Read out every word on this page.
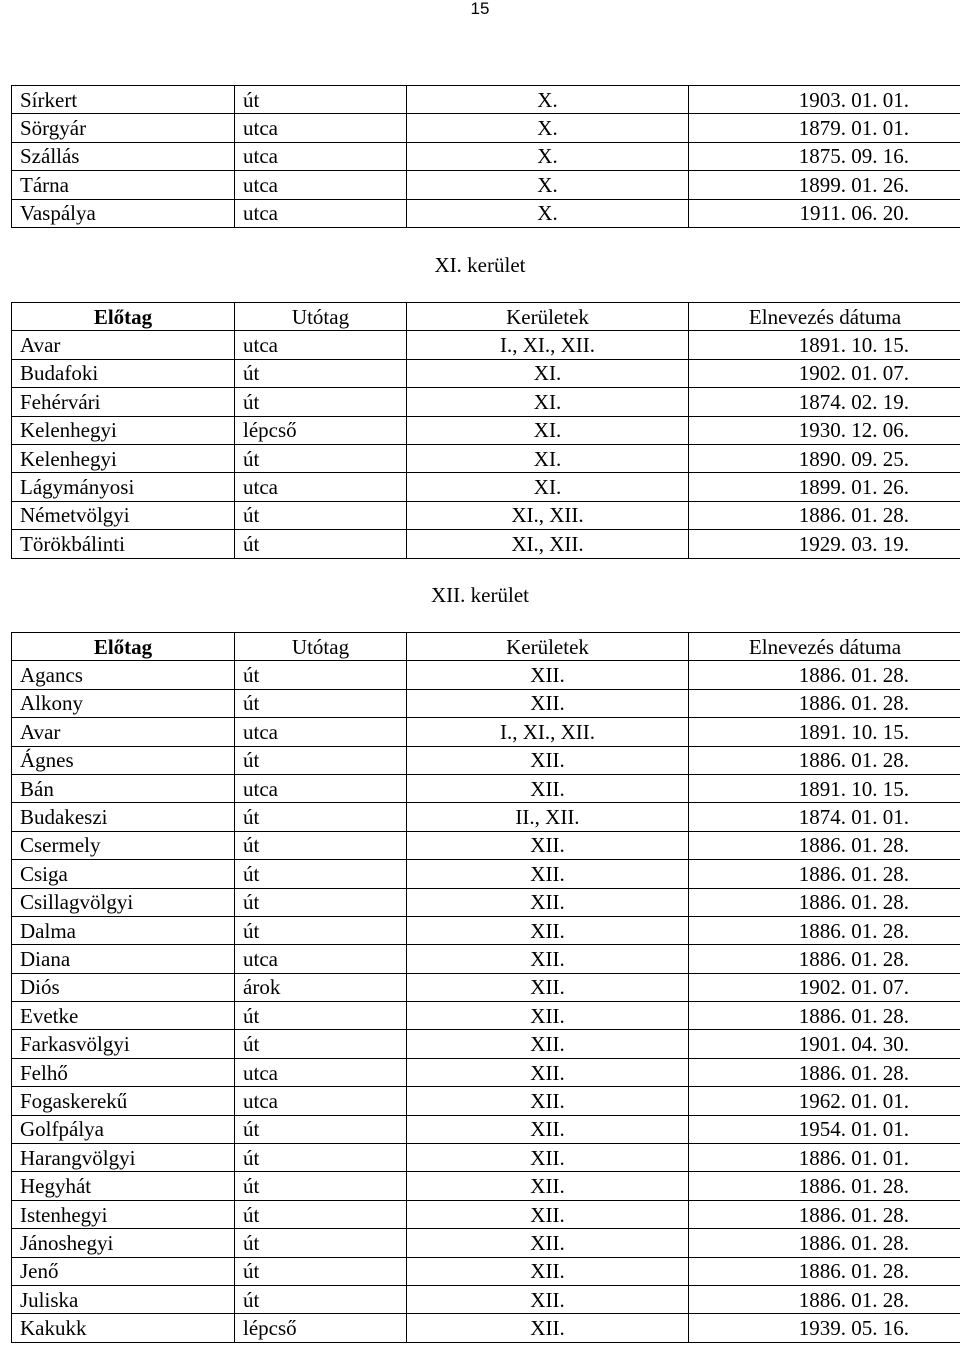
15
Sírkert	út	X.	1903. 01. 01.
Sörgyár	utca	X.	1879. 01. 01.
Szállás	utca	X.	1875. 09. 16.
Tárna	utca	X.	1899. 01. 26.
Vaspálya	utca	X.	1911. 06. 20.
XI. kerület
Előtag	Utótag	Kerületek	Elnevezés dátuma
Avar	utca	I., XI., XII.	1891. 10. 15.
Budafoki	út	XI.	1902. 01. 07.
Fehérvári	út	XI.	1874. 02. 19.
Kelenhegyi	lépcső	XI.	1930. 12. 06.
Kelenhegyi	út	XI.	1890. 09. 25.
Lágymányosi	utca	XI.	1899. 01. 26.
Németvölgyi	út	XI., XII.	1886. 01. 28.
Törökbálinti	út	XI., XII.	1929. 03. 19.
XII. kerület
Előtag	Utótag	Kerületek	Elnevezés dátuma
Agancs	út	XII.	1886. 01. 28.
Alkony	út	XII.	1886. 01. 28.
Avar	utca	I., XI., XII.	1891. 10. 15.
Ágnes	út	XII.	1886. 01. 28.
Bán	utca	XII.	1891. 10. 15.
Budakeszi	út	II., XII.	1874. 01. 01.
Csermely	út	XII.	1886. 01. 28.
Csiga	út	XII.	1886. 01. 28.
Csillagvölgyi	út	XII.	1886. 01. 28.
Dalma	út	XII.	1886. 01. 28.
Diana	utca	XII.	1886. 01. 28.
Diós	árok	XII.	1902. 01. 07.
Evetke	út	XII.	1886. 01. 28.
Farkasvölgyi	út	XII.	1901. 04. 30.
Felhő	utca	XII.	1886. 01. 28.
Fogaskerekű	utca	XII.	1962. 01. 01.
Golfpálya	út	XII.	1954. 01. 01.
Harangvölgyi	út	XII.	1886. 01. 01.
Hegyhát	út	XII.	1886. 01. 28.
Istenhegyi	út	XII.	1886. 01. 28.
Jánoshegyi	út	XII.	1886. 01. 28.
Jenő	út	XII.	1886. 01. 28.
Juliska	út	XII.	1886. 01. 28.
Kakukk	lépcső	XII.	1939. 05. 16.
